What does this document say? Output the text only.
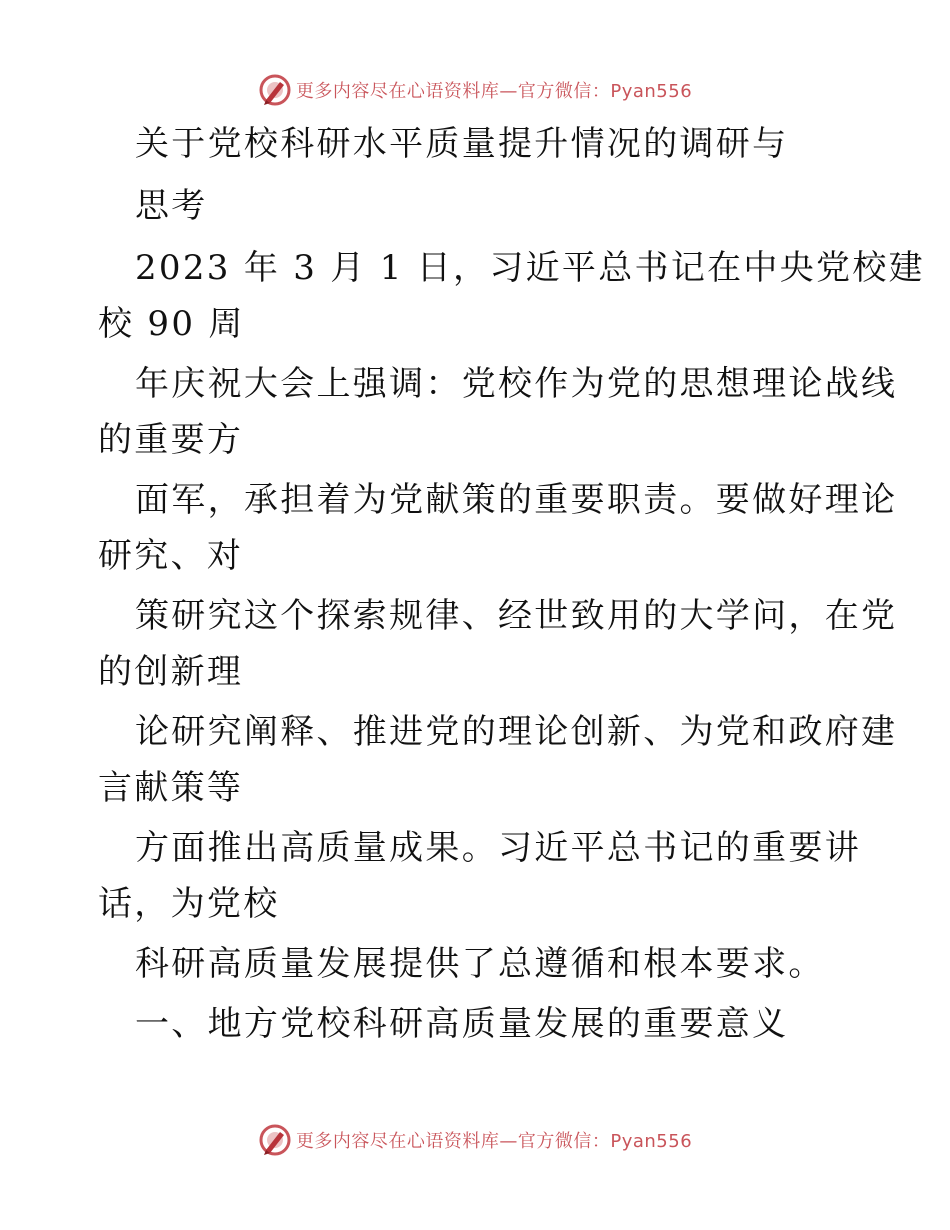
更多内容尽在心语资料库—官方微信：Pyan556
关于党校科研水平质量提升情况的调研与
思考
2023 年 3 月 1 日，习近平总书记在中央党校建
校 90 周
年庆祝大会上强调：党校作为党的思想理论战线
的重要方
面军，承担着为党献策的重要职责。要做好理论
研究、对
策研究这个探索规律、经世致用的大学问，在党
的创新理
论研究阐释、推进党的理论创新、为党和政府建
言献策等
方面推出高质量成果。习近平总书记的重要讲
话，为党校
科研高质量发展提供了总遵循和根本要求。
一、地方党校科研高质量发展的重要意义
更多内容尽在心语资料库—官方微信：Pyan556
